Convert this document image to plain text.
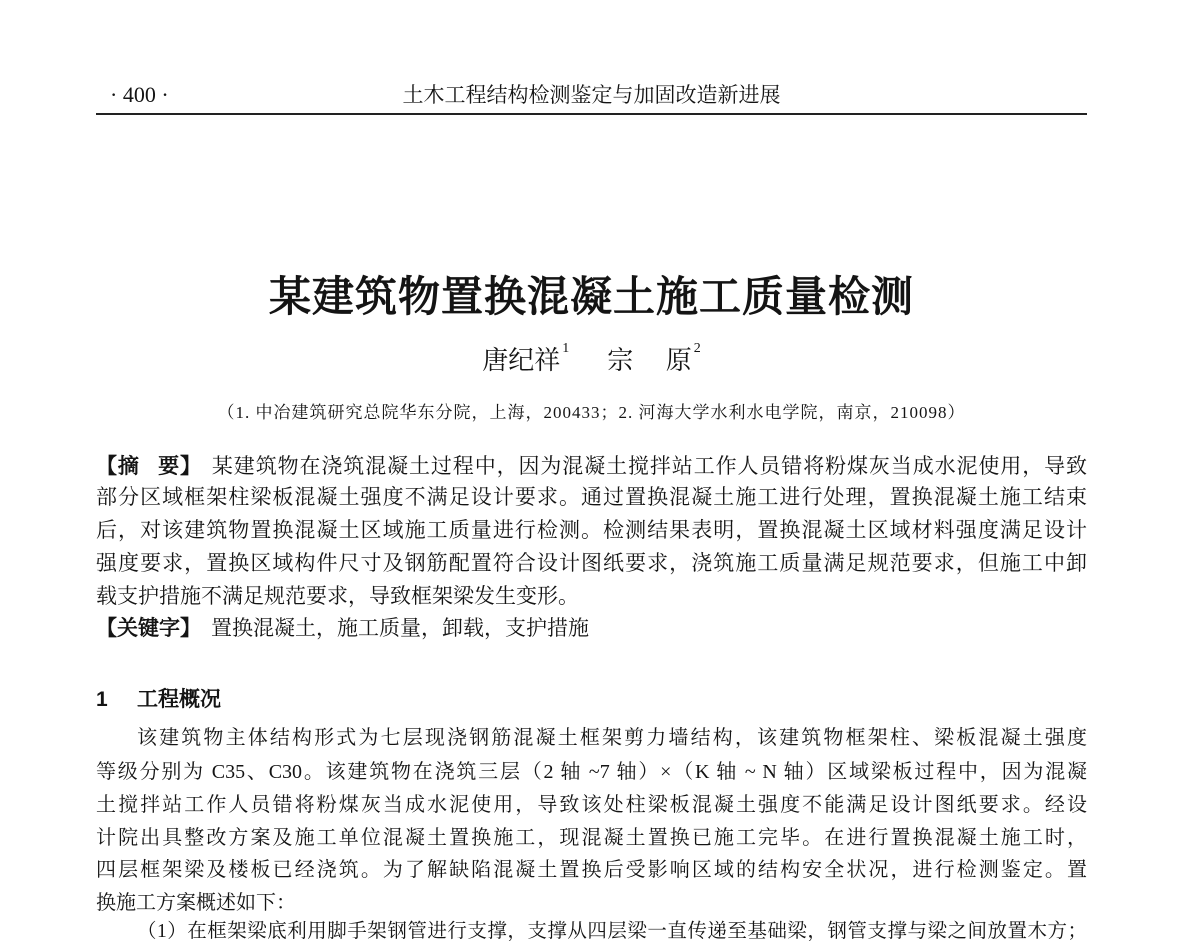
· 400 ·	土木工程结构检测鉴定与加固改造新进展
某建筑物置换混凝土施工质量检测
唐纪祥 1 宗 原 2
（1. 中冶建筑研究总院华东分院，上海，200433；2. 河海大学水利水电学院，南京，210098）
【摘 要】 某建筑物在浇筑混凝土过程中，因为混凝土搅拌站工作人员错将粉煤灰当成水泥使用，导致
部分区域框架柱梁板混凝土强度不满足设计要求。通过置换混凝土施工进行处理，置换混凝土施工结束
后，对该建筑物置换混凝土区域施工质量进行检测。检测结果表明，置换混凝土区域材料强度满足设计
强度要求，置换区域构件尺寸及钢筋配置符合设计图纸要求，浇筑施工质量满足规范要求，但施工中卸
载支护措施不满足规范要求，导致框架梁发生变形。
【关键字】 置换混凝土，施工质量，卸载，支护措施
1 工程概况
该建筑物主体结构形式为七层现浇钢筋混凝土框架剪力墙结构，该建筑物框架柱、梁板混凝土强度
等级分别为 C35、C30。该建筑物在浇筑三层（2 轴 ~7 轴）×（K 轴 ~ N 轴）区域梁板过程中，因为混凝
土搅拌站工作人员错将粉煤灰当成水泥使用，导致该处柱梁板混凝土强度不能满足设计图纸要求。经设
计院出具整改方案及施工单位混凝土置换施工，现混凝土置换已施工完毕。在进行置换混凝土施工时，
四层框架梁及楼板已经浇筑。为了解缺陷混凝土置换后受影响区域的结构安全状况，进行检测鉴定。置
换施工方案概述如下：
（1）在框架梁底利用脚手架钢管进行支撑，支撑从四层梁一直传递至基础梁，钢管支撑与梁之间放置木方；
